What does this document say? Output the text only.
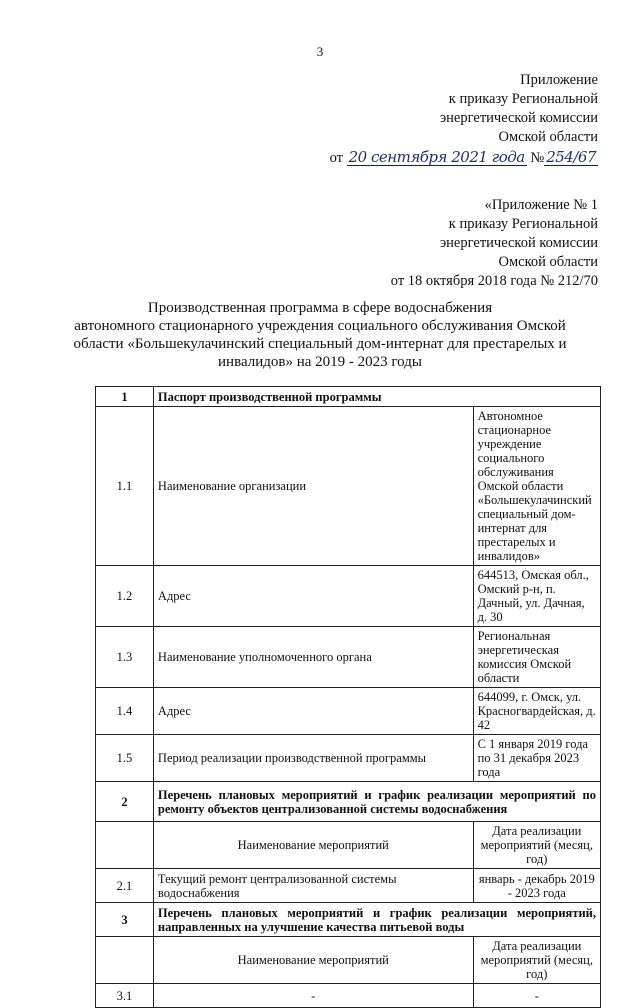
3
Приложение
к приказу Региональной
энергетической комиссии
Омской области
от 20 сентября 2021 года № 254/67
«Приложение № 1
к приказу Региональной
энергетической комиссии
Омской области
от 18 октября 2018 года № 212/70
Производственная программа в сфере водоснабжения
автономного стационарного учреждения социального обслуживания Омской
области «Большекулачинский специальный дом-интернат для престарелых и
инвалидов» на 2019 - 2023 годы
1	Паспорт производственной программы	
1.1	Наименование организации	Автономное стационарное учреждение социального обслуживания Омской области «Большекулачинский специальный дом-интернат для престарелых и инвалидов»
1.2	Адрес	644513, Омская обл., Омский р-н, п. Дачный, ул. Дачная, д. 30
1.3	Наименование уполномоченного органа	Региональная энергетическая комиссия Омской области
1.4	Адрес	644099, г. Омск, ул. Красногвардейская, д. 42
1.5	Период реализации производственной программы	С 1 января 2019 года по 31 декабря 2023 года
2	Перечень плановых мероприятий и график реализации мероприятий по ремонту объектов централизованной системы водоснабжения	
	Наименование мероприятий	Дата реализации мероприятий (месяц, год)
2.1	Текущий ремонт централизованной системы водоснабжения	январь - декабрь 2019 - 2023 года
3	Перечень плановых мероприятий и график реализации мероприятий, направленных на улучшение качества питьевой воды	
	Наименование мероприятий	Дата реализации мероприятий (месяц, год)
3.1	-	-
